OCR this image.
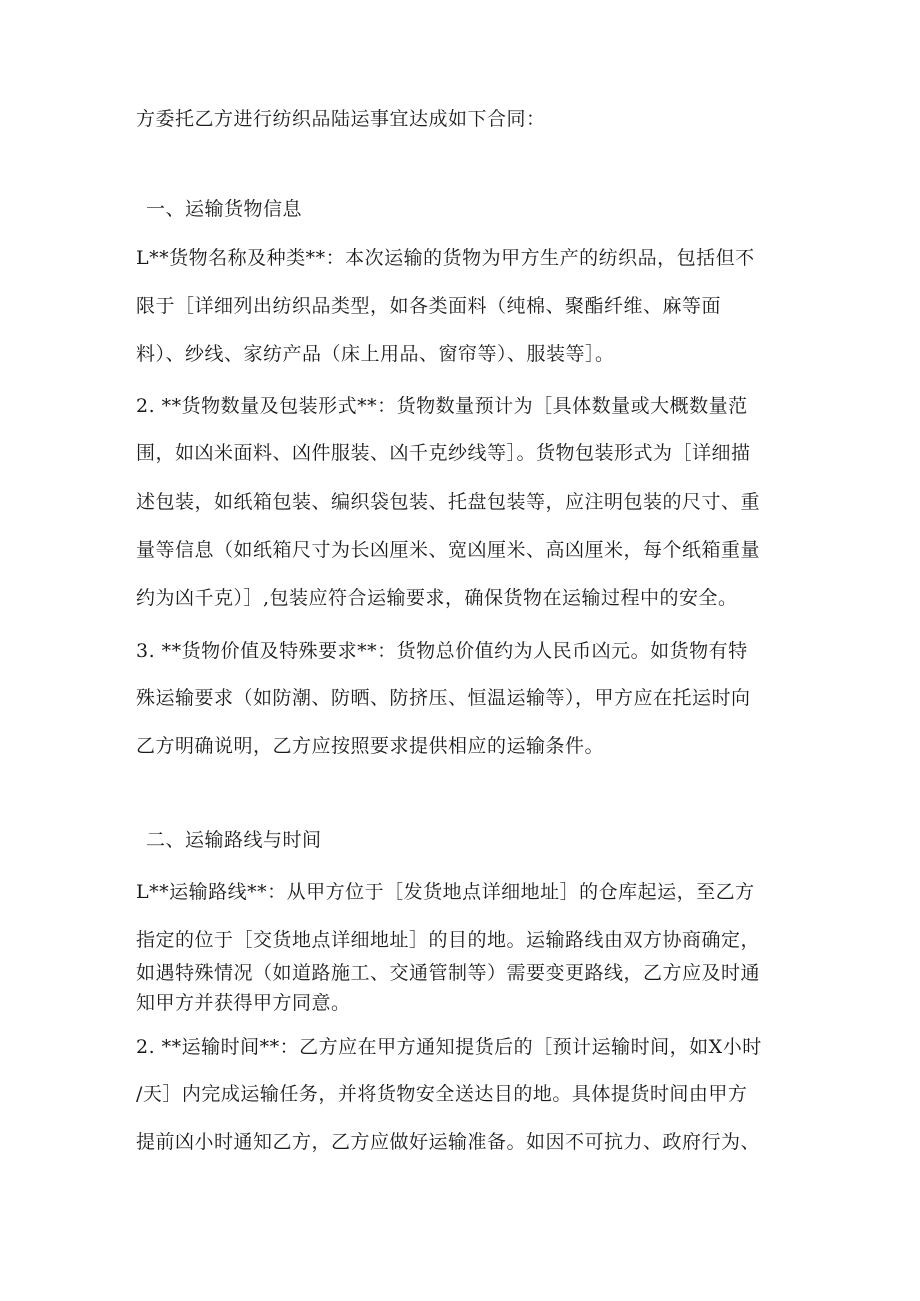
方委托乙方进行纺织品陆运事宜达成如下合同：
一、运输货物信息
L**货物名称及种类**：本次运输的货物为甲方生产的纺织品，包括但不
限于［详细列出纺织品类型，如各类面料（纯棉、聚酯纤维、麻等面
料）、纱线、家纺产品（床上用品、窗帘等）、服装等］。
2. **货物数量及包装形式**：货物数量预计为［具体数量或大概数量范
围，如凶米面料、凶件服装、凶千克纱线等］。货物包装形式为［详细描
述包装，如纸箱包装、编织袋包装、托盘包装等，应注明包装的尺寸、重
量等信息（如纸箱尺寸为长凶厘米、宽凶厘米、高凶厘米，每个纸箱重量
约为凶千克）］,包装应符合运输要求，确保货物在运输过程中的安全。
3. **货物价值及特殊要求**：货物总价值约为人民币凶元。如货物有特
殊运输要求（如防潮、防晒、防挤压、恒温运输等），甲方应在托运时向
乙方明确说明，乙方应按照要求提供相应的运输条件。
二、运输路线与时间
L**运输路线**：从甲方位于［发货地点详细地址］的仓库起运，至乙方
指定的位于［交货地点详细地址］的目的地。运输路线由双方协商确定，
如遇特殊情况（如道路施工、交通管制等）需要变更路线，乙方应及时通
知甲方并获得甲方同意。
2. **运输时间**：乙方应在甲方通知提货后的［预计运输时间，如X小时
/天］内完成运输任务，并将货物安全送达目的地。具体提货时间由甲方
提前凶小时通知乙方，乙方应做好运输准备。如因不可抗力、政府行为、
